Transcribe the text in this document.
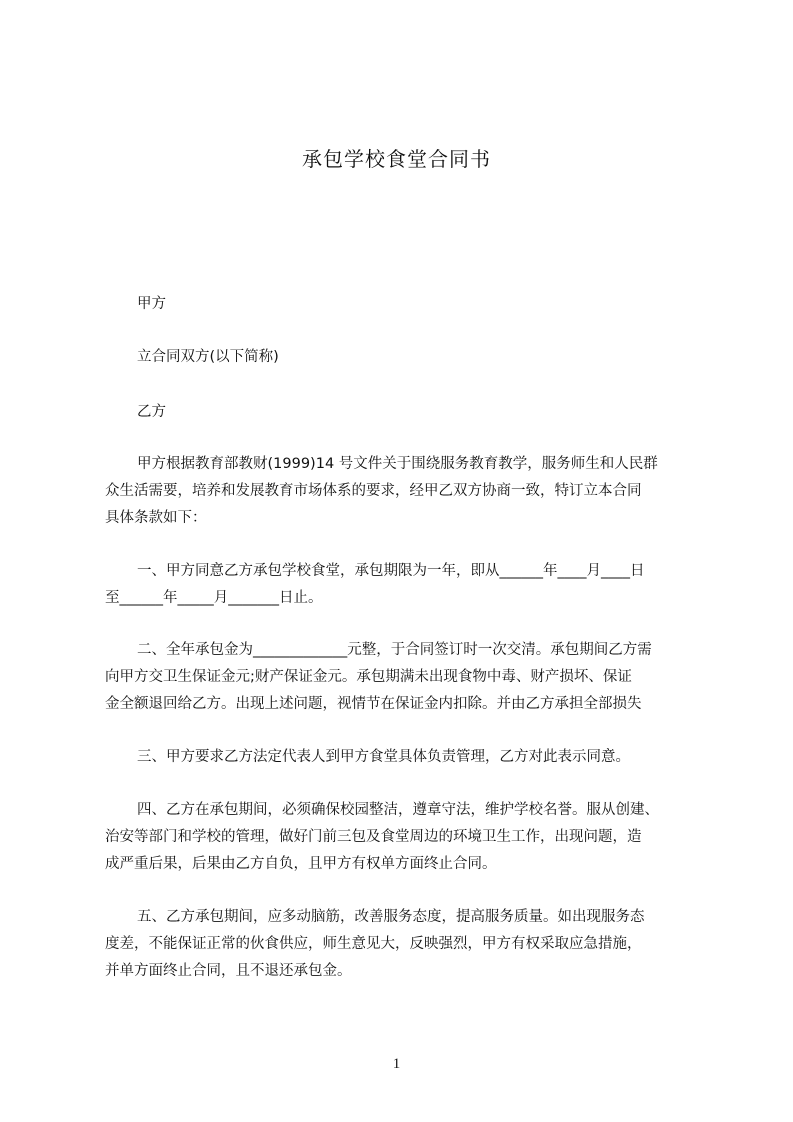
承包学校食堂合同书
甲方
立合同双方(以下简称)
乙方
甲方根据教育部教财(1999)14 号文件关于围绕服务教育教学，服务师生和人民群
众生活需要，培养和发展教育市场体系的要求，经甲乙双方协商一致，特订立本合同
具体条款如下：
一、甲方同意乙方承包学校食堂，承包期限为一年，即从______年____月____日
至______年_____月_______日止。
二、全年承包金为_____________元整，于合同签订时一次交清。承包期间乙方需
向甲方交卫生保证金元;财产保证金元。承包期满未出现食物中毒、财产损坏、保证
金全额退回给乙方。出现上述问题，视情节在保证金内扣除。并由乙方承担全部损失
三、甲方要求乙方法定代表人到甲方食堂具体负责管理，乙方对此表示同意。
四、乙方在承包期间，必须确保校园整洁，遵章守法，维护学校名誉。服从创建、
治安等部门和学校的管理，做好门前三包及食堂周边的环境卫生工作，出现问题，造
成严重后果，后果由乙方自负，且甲方有权单方面终止合同。
五、乙方承包期间，应多动脑筋，改善服务态度，提高服务质量。如出现服务态
度差，不能保证正常的伙食供应，师生意见大，反映强烈，甲方有权采取应急措施，
并单方面终止合同，且不退还承包金。
1
